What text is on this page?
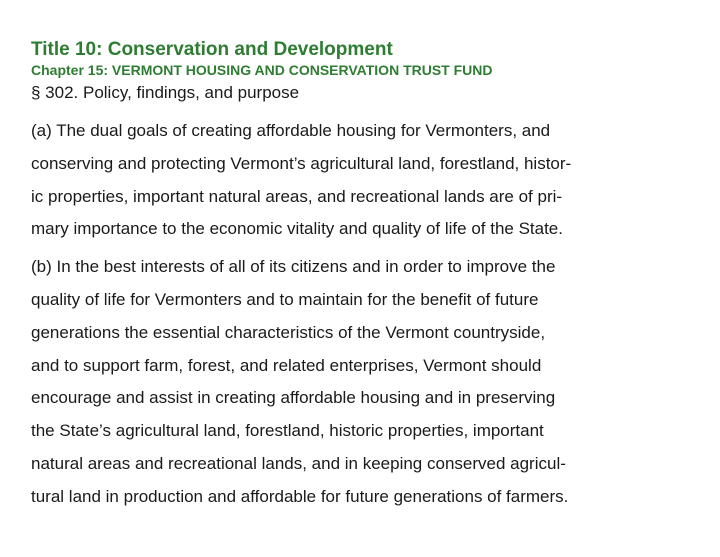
Title 10: Conservation and Development
Chapter 15: VERMONT HOUSING AND CONSERVATION TRUST FUND

§ 302. Policy, findings, and purpose

(a) The dual goals of creating affordable housing for Vermonters, and
conserving and protecting Vermont’s agricultural land, forestland, histor-
ic properties, important natural areas, and recreational lands are of pri-
mary importance to the economic vitality and quality of life of the State.

(b) In the best interests of all of its citizens and in order to improve the
quality of life for Vermonters and to maintain for the benefit of future
generations the essential characteristics of the Vermont countryside,
and to support farm, forest, and related enterprises, Vermont should
encourage and assist in creating affordable housing and in preserving
the State’s agricultural land, forestland, historic properties, important
natural areas and recreational lands, and in keeping conserved agricul-
tural land in production and affordable for future generations of farmers.
